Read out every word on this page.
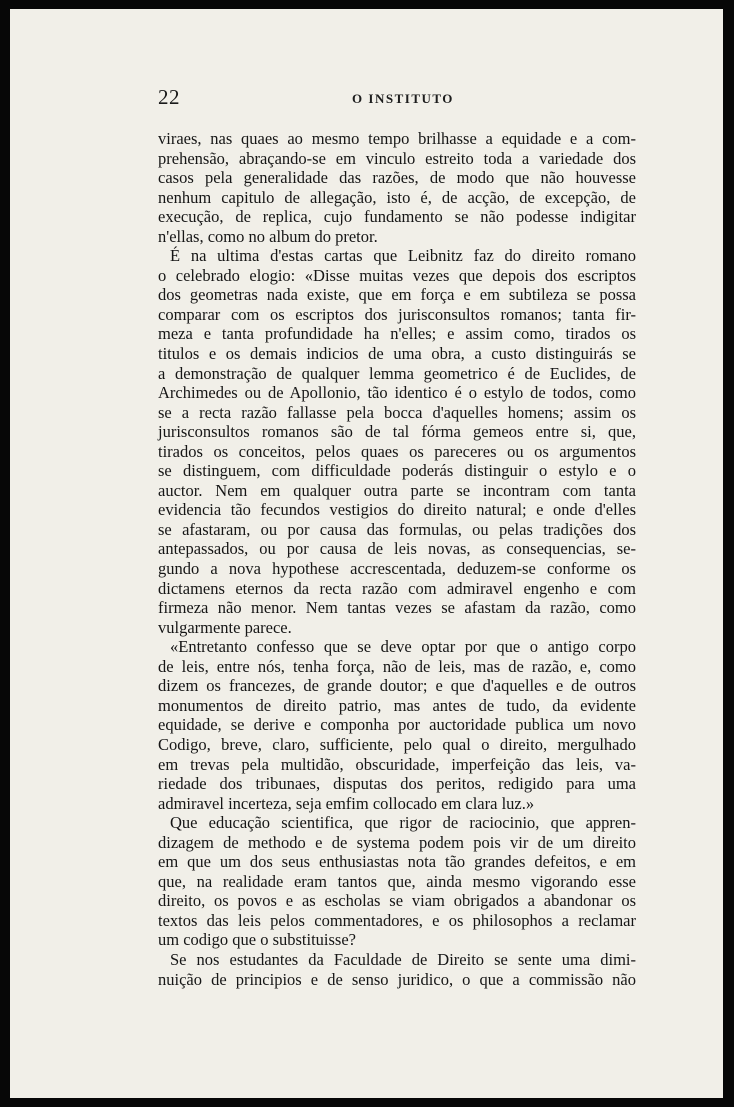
22	O INSTITUTO
viraes, nas quaes ao mesmo tempo brilhasse a equidade e a com-
prehensão, abraçando-se em vinculo estreito toda a variedade dos
casos pela generalidade das razões, de modo que não houvesse
nenhum capitulo de allegação, isto é, de acção, de excepção, de
execução, de replica, cujo fundamento se não podesse indigitar
n'ellas, como no album do pretor.
É na ultima d'estas cartas que Leibnitz faz do direito romano
o celebrado elogio: «Disse muitas vezes que depois dos escriptos
dos geometras nada existe, que em força e em subtileza se possa
comparar com os escriptos dos jurisconsultos romanos; tanta fir-
meza e tanta profundidade ha n'elles; e assim como, tirados os
titulos e os demais indicios de uma obra, a custo distinguirás se
a demonstração de qualquer lemma geometrico é de Euclides, de
Archimedes ou de Apollonio, tão identico é o estylo de todos, como
se a recta razão fallasse pela bocca d'aquelles homens; assim os
jurisconsultos romanos são de tal fórma gemeos entre si, que,
tirados os conceitos, pelos quaes os pareceres ou os argumentos
se distinguem, com difficuldade poderás distinguir o estylo e o
auctor. Nem em qualquer outra parte se incontram com tanta
evidencia tão fecundos vestigios do direito natural; e onde d'elles
se afastaram, ou por causa das formulas, ou pelas tradições dos
antepassados, ou por causa de leis novas, as consequencias, se-
gundo a nova hypothese accrescentada, deduzem-se conforme os
dictamens eternos da recta razão com admiravel engenho e com
firmeza não menor. Nem tantas vezes se afastam da razão, como
vulgarmente parece.
«Entretanto confesso que se deve optar por que o antigo corpo
de leis, entre nós, tenha força, não de leis, mas de razão, e, como
dizem os francezes, de grande doutor; e que d'aquelles e de outros
monumentos de direito patrio, mas antes de tudo, da evidente
equidade, se derive e componha por auctoridade publica um novo
Codigo, breve, claro, sufficiente, pelo qual o direito, mergulhado
em trevas pela multidão, obscuridade, imperfeição das leis, va-
riedade dos tribunaes, disputas dos peritos, redigido para uma
admiravel incerteza, seja emfim collocado em clara luz.»
Que educação scientifica, que rigor de raciocinio, que appren-
dizagem de methodo e de systema podem pois vir de um direito
em que um dos seus enthusiastas nota tão grandes defeitos, e em
que, na realidade eram tantos que, ainda mesmo vigorando esse
direito, os povos e as escholas se viam obrigados a abandonar os
textos das leis pelos commentadores, e os philosophos a reclamar
um codigo que o substituisse?
Se nos estudantes da Faculdade de Direito se sente uma dimi-
nuição de principios e de senso juridico, o que a commissão não
